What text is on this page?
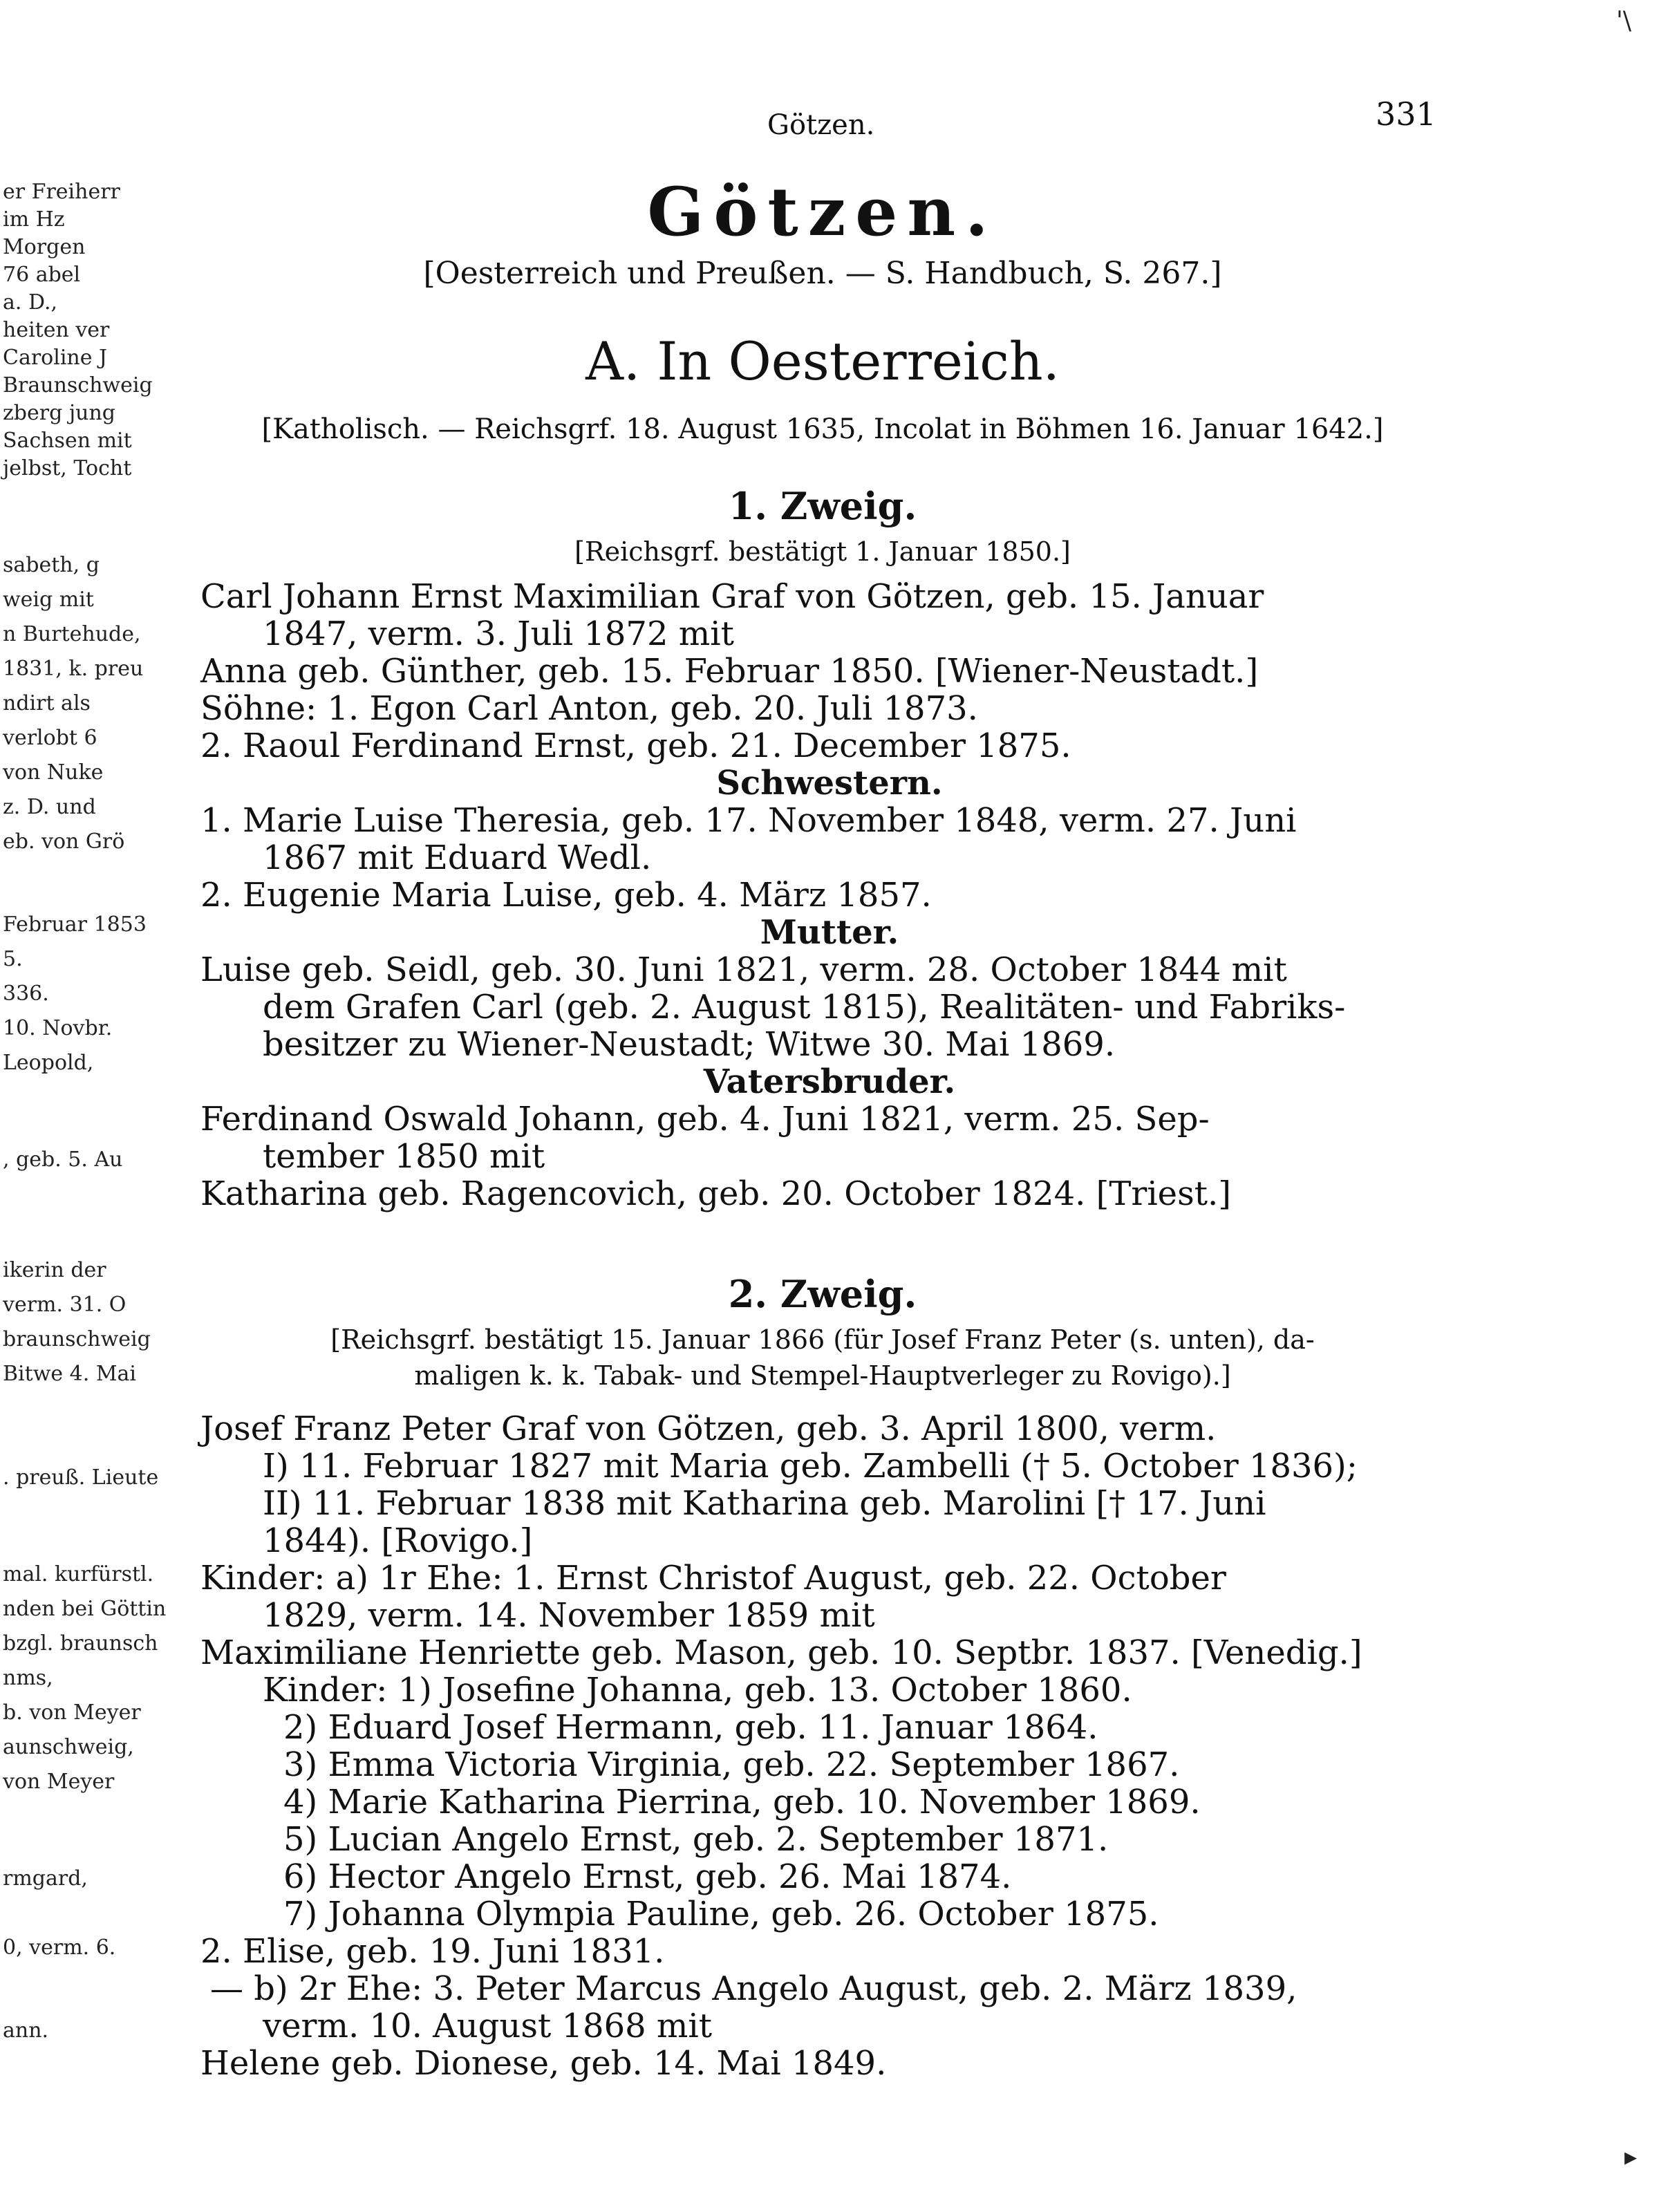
er Freiherr
im Hz
Morgen
76 abel
a. D.,
heiten ver
Caroline J
Braunschweig
zberg jung
Sachsen mit
jelbst, Tocht
sabeth, g
weig mit
n Burtehude,
1831, k. preu
ndirt als
verlobt 6
von Nuke
z. D. und
eb. von Grö
Februar 1853
5.
336.
10. Novbr.
Leopold,
, geb. 5. Au
ikerin der
verm. 31. O
braunschweig
Bitwe 4. Mai
. preuß. Lieute
mal. kurfürstl.
nden bei Göttin
bzgl. braunsch
nms,
b. von Meyer
aunschweig,
von Meyer
rmgard,
0, verm. 6.
ann.
'\
▸
Götzen.	331
Götzen.
[Oesterreich und Preußen. — S. Handbuch, S. 267.]
A. In Oesterreich.
[Katholisch. — Reichsgrf. 18. August 1635, Incolat in Böhmen 16. Januar 1642.]
1. Zweig.
[Reichsgrf. bestätigt 1. Januar 1850.]
Carl Johann Ernst Maximilian Graf von Götzen, geb. 15. Januar
1847, verm. 3. Juli 1872 mit
Anna geb. Günther, geb. 15. Februar 1850. [Wiener-Neustadt.]
Söhne: 1. Egon Carl Anton, geb. 20. Juli 1873.
2. Raoul Ferdinand Ernst, geb. 21. December 1875.
Schwestern.
1. Marie Luise Theresia, geb. 17. November 1848, verm. 27. Juni
1867 mit Eduard Wedl.
2. Eugenie Maria Luise, geb. 4. März 1857.
Mutter.
Luise geb. Seidl, geb. 30. Juni 1821, verm. 28. October 1844 mit
dem Grafen Carl (geb. 2. August 1815), Realitäten- und Fabriks-
besitzer zu Wiener-Neustadt; Witwe 30. Mai 1869.
Vatersbruder.
Ferdinand Oswald Johann, geb. 4. Juni 1821, verm. 25. Sep-
tember 1850 mit
Katharina geb. Ragencovich, geb. 20. October 1824. [Triest.]
2. Zweig.
[Reichsgrf. bestätigt 15. Januar 1866 (für Josef Franz Peter (s. unten), da-
maligen k. k. Tabak- und Stempel-Hauptverleger zu Rovigo).]
Josef Franz Peter Graf von Götzen, geb. 3. April 1800, verm.
I) 11. Februar 1827 mit Maria geb. Zambelli († 5. October 1836);
II) 11. Februar 1838 mit Katharina geb. Marolini [† 17. Juni
1844). [Rovigo.]
Kinder: a) 1r Ehe: 1. Ernst Christof August, geb. 22. October
1829, verm. 14. November 1859 mit
Maximiliane Henriette geb. Mason, geb. 10. Septbr. 1837. [Venedig.]
Kinder: 1) Josefine Johanna, geb. 13. October 1860.
2) Eduard Josef Hermann, geb. 11. Januar 1864.
3) Emma Victoria Virginia, geb. 22. September 1867.
4) Marie Katharina Pierrina, geb. 10. November 1869.
5) Lucian Angelo Ernst, geb. 2. September 1871.
6) Hector Angelo Ernst, geb. 26. Mai 1874.
7) Johanna Olympia Pauline, geb. 26. October 1875.
2. Elise, geb. 19. Juni 1831.
— b) 2r Ehe: 3. Peter Marcus Angelo August, geb. 2. März 1839,
verm. 10. August 1868 mit
Helene geb. Dionese, geb. 14. Mai 1849.
